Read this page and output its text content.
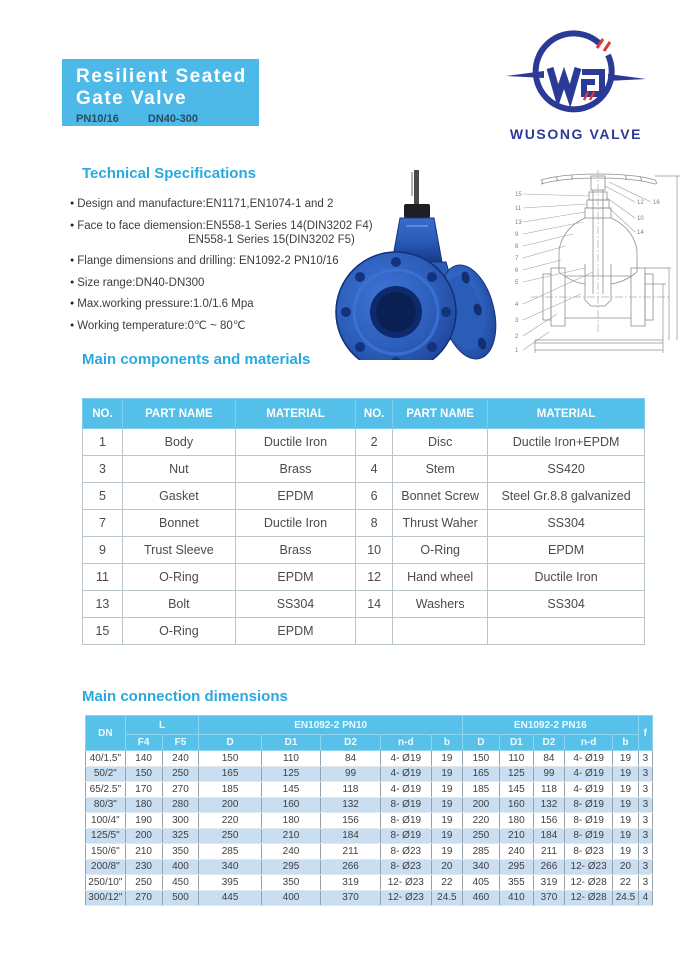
Resilient Seated
Gate Valve
PN10/16	DN40-300
WUSONG VALVE
Technical Specifications
● Design and manufacture:EN1171,EN1074-1 and 2
● Face to face diemension:EN558-1 Series 14(DIN3202 F4)
EN558-1 Series 15(DIN3202 F5)
● Flange dimensions and drilling: EN1092-2 PN10/16
● Size range:DN40-DN300
● Max.working pressure:1.0/1.6 Mpa
● Working temperature:0℃ ~ 80℃
15
11
13
9
8
7
6
5
4
3
2
1
12 16
10
14
Main components and materials
NO.	PART NAME	MATERIAL	NO.	PART NAME	MATERIAL
1	Body	Ductile Iron	2	Disc	Ductile Iron+EPDM
3	Nut	Brass	4	Stem	SS420
5	Gasket	EPDM	6	Bonnet Screw	Steel Gr.8.8 galvanized
7	Bonnet	Ductile Iron	8	Thrust Waher	SS304
9	Trust Sleeve	Brass	10	O-Ring	EPDM
11	O-Ring	EPDM	12	Hand wheel	Ductile Iron
13	Bolt	SS304	14	Washers	SS304
15	O-Ring	EPDM			
Main connection dimensions
DN	L		EN1092-2 PN10					EN1092-2 PN16					f
	F4	F5	D	D1	D2	n-d	b	D	D1	D2	n-d	b	
40/1.5"	140	240	150	110	84	4- Ø19	19	150	110	84	4- Ø19	19	3
50/2"	150	250	165	125	99	4- Ø19	19	165	125	99	4- Ø19	19	3
65/2.5"	170	270	185	145	118	4- Ø19	19	185	145	118	4- Ø19	19	3
80/3"	180	280	200	160	132	8- Ø19	19	200	160	132	8- Ø19	19	3
100/4"	190	300	220	180	156	8- Ø19	19	220	180	156	8- Ø19	19	3
125/5"	200	325	250	210	184	8- Ø19	19	250	210	184	8- Ø19	19	3
150/6"	210	350	285	240	211	8- Ø23	19	285	240	211	8- Ø23	19	3
200/8"	230	400	340	295	266	8- Ø23	20	340	295	266	12- Ø23	20	3
250/10"	250	450	395	350	319	12- Ø23	22	405	355	319	12- Ø28	22	3
300/12"	270	500	445	400	370	12- Ø23	24.5	460	410	370	12- Ø28	24.5	4
